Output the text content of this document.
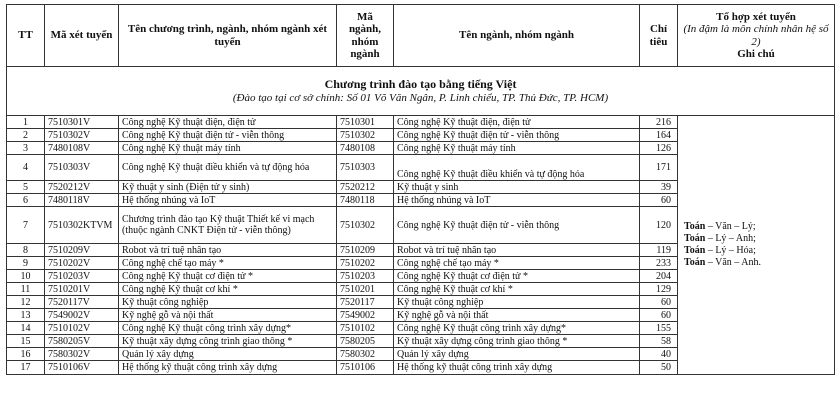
TT	Mã xét tuyển	Tên chương trình, ngành, nhóm ngành xét tuyển	Mã ngành, nhóm ngành	Tên ngành, nhóm ngành	Chỉ tiêu	Tổ hợp xét tuyển
(In đậm là môn chính nhân hệ số 2)
Ghi chú

Chương trình đào tạo bằng tiếng Việt
(Đào tạo tại cơ sở chính: Số 01 Võ Văn Ngân, P. Linh chiểu, TP. Thủ Đức, TP. HCM)						

1	7510301V	Công nghệ Kỹ thuật điện, điện tử	7510301	Công nghệ Kỹ thuật điện, điện tử	216	Toán – Văn – Lý;
Toán – Lý – Anh;
Toán – Lý – Hóa;
Toán – Văn – Anh.

2	7510302V	Công nghệ Kỹ thuật điện tử - viễn thông	7510302	Công nghệ Kỹ thuật điện tử - viễn thông	164	
3	7480108V	Công nghệ Kỹ thuật máy tính	7480108	Công nghệ Kỹ thuật máy tính	126	
4	7510303V	Công nghệ Kỹ thuật điều khiển và tự động hóa	7510303	Công nghệ Kỹ thuật điều khiển và tự động hóa	171	
5	7520212V	Kỹ thuật y sinh (Điện tử y sinh)	7520212	Kỹ thuật y sinh	39	
6	7480118V	Hệ thống nhúng và IoT	7480118	Hệ thống nhúng và IoT	60	
7	7510302KTVM	Chương trình đào tạo Kỹ thuật Thiết kế vi mạch (thuộc ngành CNKT Điện tử - viễn thông)	7510302	Công nghệ Kỹ thuật điện tử - viễn thông	120	
8	7510209V	Robot và trí tuệ nhân tạo	7510209	Robot và trí tuệ nhân tạo	119	
9	7510202V	Công nghệ chế tạo máy *	7510202	Công nghệ chế tạo máy *	233	
10	7510203V	Công nghệ Kỹ thuật cơ điện tử *	7510203	Công nghệ Kỹ thuật cơ điện tử *	204	
11	7510201V	Công nghệ Kỹ thuật cơ khí *	7510201	Công nghệ Kỹ thuật cơ khí *	129	
12	7520117V	Kỹ thuật công nghiệp	7520117	Kỹ thuật công nghiệp	60	
13	7549002V	Kỹ nghệ gỗ và nội thất	7549002	Kỹ nghệ gỗ và nội thất	60	
14	7510102V	Công nghệ Kỹ thuật công trình xây dựng*	7510102	Công nghệ Kỹ thuật công trình xây dựng*	155	
15	7580205V	Kỹ thuật xây dựng công trình giao thông *	7580205	Kỹ thuật xây dựng công trình giao thông *	58	
16	7580302V	Quản lý xây dựng	7580302	Quản lý xây dựng	40	
17	7510106V	Hệ thống kỹ thuật công trình xây dựng	7510106	Hệ thống kỹ thuật công trình xây dựng	50	
